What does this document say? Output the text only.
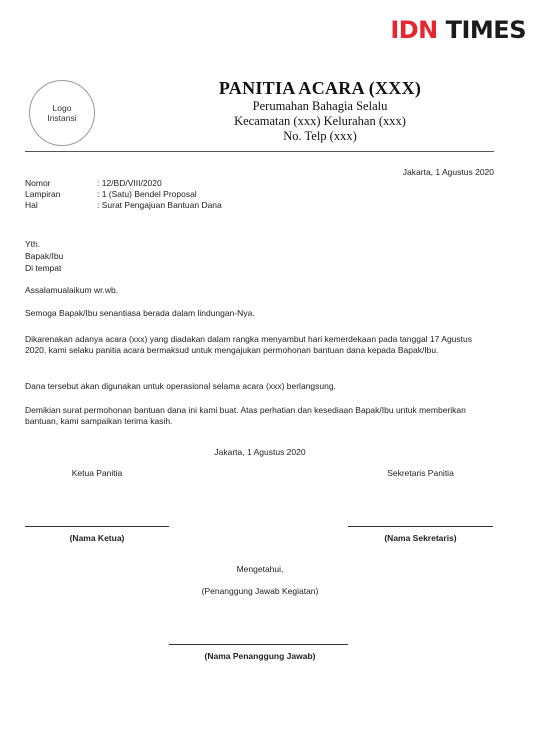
IDN TIMES
Logo
Instansi
PANITIA ACARA (XXX)
Perumahan Bahagia Selalu
Kecamatan (xxx) Kelurahan (xxx)
No. Telp (xxx)
Jakarta, 1 Agustus 2020
Nomor	: 12/BD/VIII/2020
Lampiran	: 1 (Satu) Bendel Proposal
Hal	: Surat Pengajuan Bantuan Dana
Yth.
Bapak/Ibu
Di tempat
Assalamualaikum wr.wb.
Semoga Bapak/Ibu senantiasa berada dalam lindungan-Nya.
Dikarenakan adanya acara (xxx) yang diadakan dalam rangka menyambut hari kemerdekaan pada tanggal 17 Agustus 2020, kami selaku panitia acara bermaksud untuk mengajukan permohonan bantuan dana kepada Bapak/Ibu.
Dana tersebut akan digunakan untuk operasional selama acara (xxx) berlangsung.
Demikian surat permohonan bantuan dana ini kami buat. Atas perhatian dan kesediaan Bapak/Ibu untuk memberikan bantuan, kami sampaikan terima kasih.
Jakarta, 1 Agustus 2020
Ketua Panitia	Sekretaris Panitia
(Nama Ketua)	(Nama Sekretaris)
Mengetahui,
(Penanggung Jawab Kegiatan)
(Nama Penanggung Jawab)
